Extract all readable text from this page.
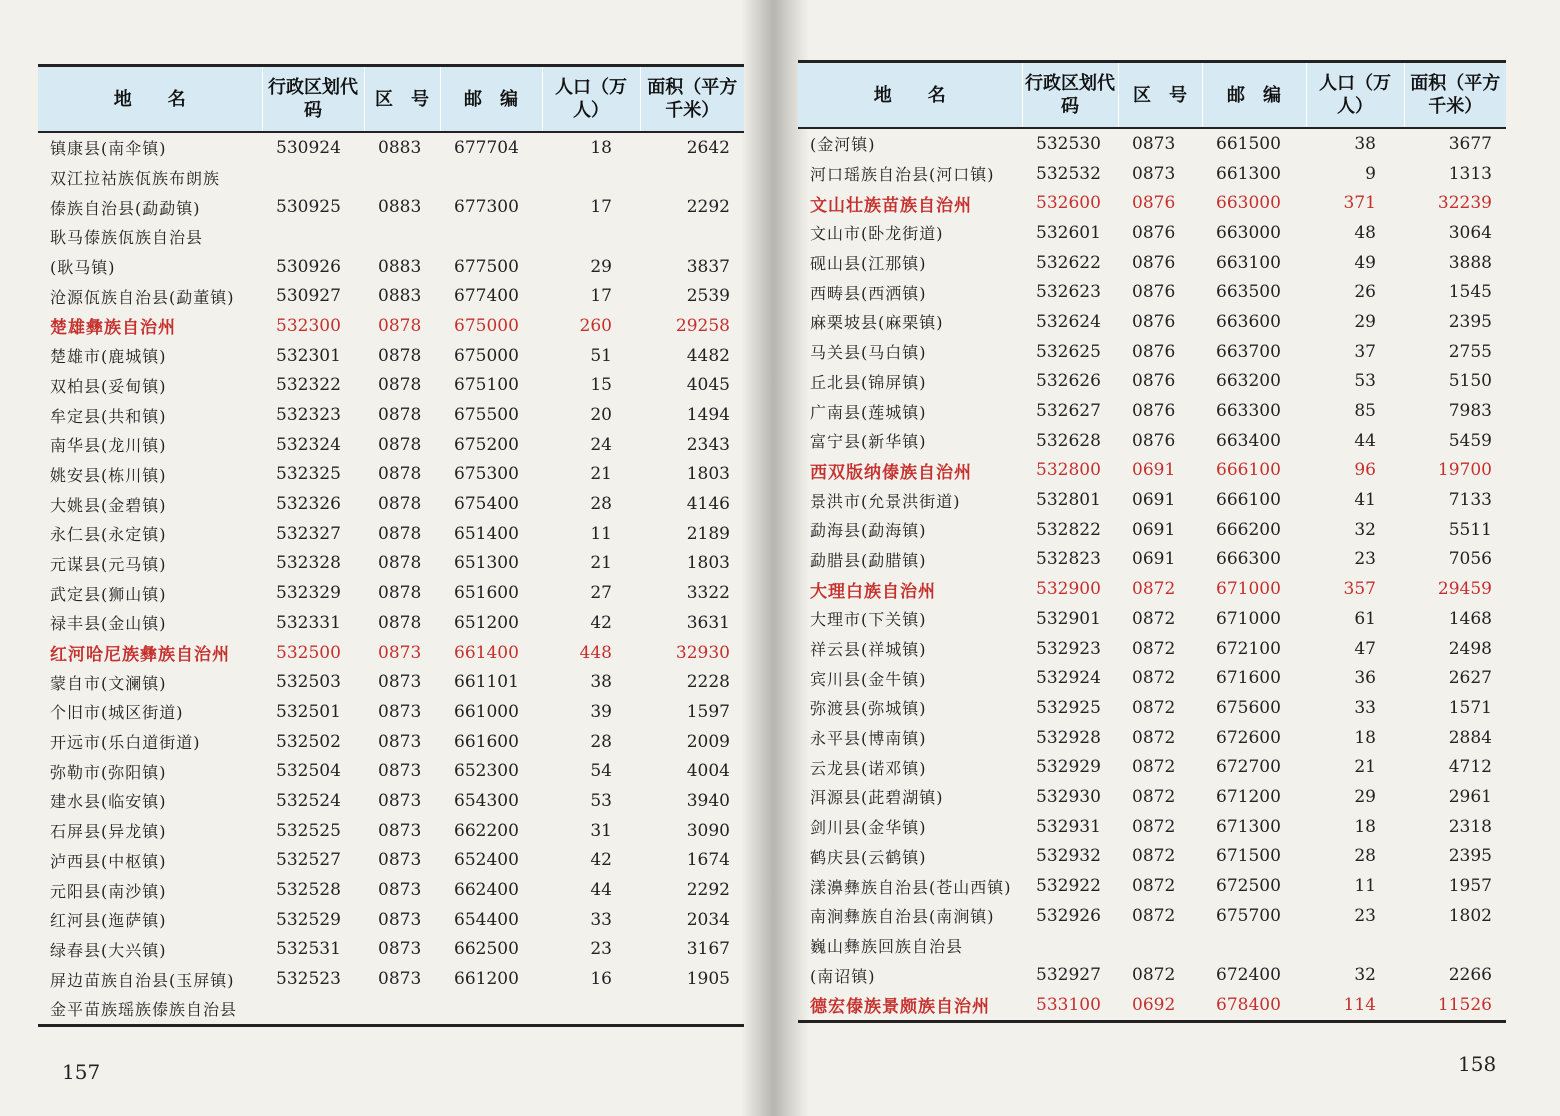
地　　名	行政区划代码	区　号	邮　编	人口（万人）	面积（平方千米）
镇康县(南伞镇)	530924	0883	677704	18	2642
双江拉祜族佤族布朗族					
傣族自治县(勐勐镇)	530925	0883	677300	17	2292
耿马傣族佤族自治县					
(耿马镇)	530926	0883	677500	29	3837
沧源佤族自治县(勐董镇)	530927	0883	677400	17	2539
楚雄彝族自治州	532300	0878	675000	260	29258
楚雄市(鹿城镇)	532301	0878	675000	51	4482
双柏县(妥甸镇)	532322	0878	675100	15	4045
牟定县(共和镇)	532323	0878	675500	20	1494
南华县(龙川镇)	532324	0878	675200	24	2343
姚安县(栋川镇)	532325	0878	675300	21	1803
大姚县(金碧镇)	532326	0878	675400	28	4146
永仁县(永定镇)	532327	0878	651400	11	2189
元谋县(元马镇)	532328	0878	651300	21	1803
武定县(狮山镇)	532329	0878	651600	27	3322
禄丰县(金山镇)	532331	0878	651200	42	3631
红河哈尼族彝族自治州	532500	0873	661400	448	32930
蒙自市(文澜镇)	532503	0873	661101	38	2228
个旧市(城区街道)	532501	0873	661000	39	1597
开远市(乐白道街道)	532502	0873	661600	28	2009
弥勒市(弥阳镇)	532504	0873	652300	54	4004
建水县(临安镇)	532524	0873	654300	53	3940
石屏县(异龙镇)	532525	0873	662200	31	3090
泸西县(中枢镇)	532527	0873	652400	42	1674
元阳县(南沙镇)	532528	0873	662400	44	2292
红河县(迤萨镇)	532529	0873	654400	33	2034
绿春县(大兴镇)	532531	0873	662500	23	3167
屏边苗族自治县(玉屏镇)	532523	0873	661200	16	1905
金平苗族瑶族傣族自治县					
地　　名	行政区划代码	区　号	邮　编	人口（万人）	面积（平方千米）
(金河镇)	532530	0873	661500	38	3677
河口瑶族自治县(河口镇)	532532	0873	661300	9	1313
文山壮族苗族自治州	532600	0876	663000	371	32239
文山市(卧龙街道)	532601	0876	663000	48	3064
砚山县(江那镇)	532622	0876	663100	49	3888
西畴县(西洒镇)	532623	0876	663500	26	1545
麻栗坡县(麻栗镇)	532624	0876	663600	29	2395
马关县(马白镇)	532625	0876	663700	37	2755
丘北县(锦屏镇)	532626	0876	663200	53	5150
广南县(莲城镇)	532627	0876	663300	85	7983
富宁县(新华镇)	532628	0876	663400	44	5459
西双版纳傣族自治州	532800	0691	666100	96	19700
景洪市(允景洪街道)	532801	0691	666100	41	7133
勐海县(勐海镇)	532822	0691	666200	32	5511
勐腊县(勐腊镇)	532823	0691	666300	23	7056
大理白族自治州	532900	0872	671000	357	29459
大理市(下关镇)	532901	0872	671000	61	1468
祥云县(祥城镇)	532923	0872	672100	47	2498
宾川县(金牛镇)	532924	0872	671600	36	2627
弥渡县(弥城镇)	532925	0872	675600	33	1571
永平县(博南镇)	532928	0872	672600	18	2884
云龙县(诺邓镇)	532929	0872	672700	21	4712
洱源县(茈碧湖镇)	532930	0872	671200	29	2961
剑川县(金华镇)	532931	0872	671300	18	2318
鹤庆县(云鹤镇)	532932	0872	671500	28	2395
漾濞彝族自治县(苍山西镇)	532922	0872	672500	11	1957
南涧彝族自治县(南涧镇)	532926	0872	675700	23	1802
巍山彝族回族自治县					
(南诏镇)	532927	0872	672400	32	2266
德宏傣族景颇族自治州	533100	0692	678400	114	11526
157	158
